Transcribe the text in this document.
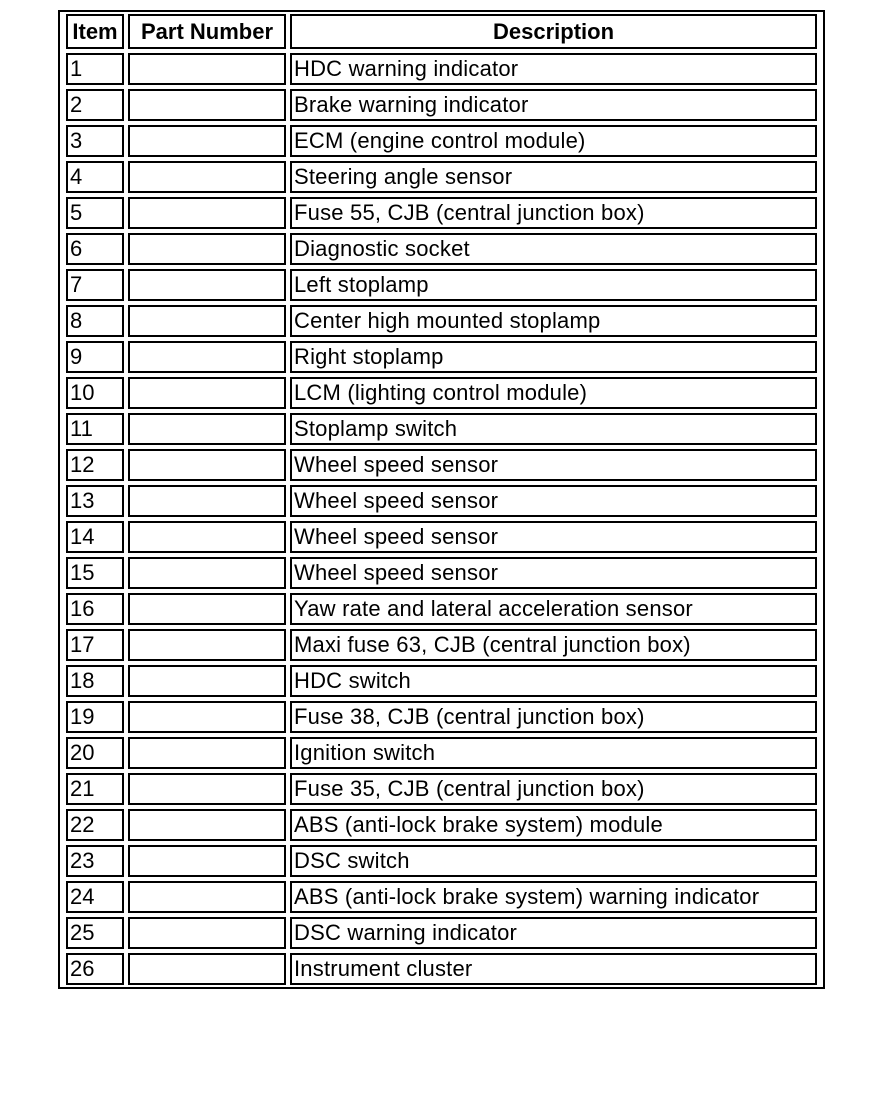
Item	Part Number	Description
1		HDC warning indicator
2		Brake warning indicator
3		ECM (engine control module)
4		Steering angle sensor
5		Fuse 55, CJB (central junction box)
6		Diagnostic socket
7		Left stoplamp
8		Center high mounted stoplamp
9		Right stoplamp
10		LCM (lighting control module)
11		Stoplamp switch
12		Wheel speed sensor
13		Wheel speed sensor
14		Wheel speed sensor
15		Wheel speed sensor
16		Yaw rate and lateral acceleration sensor
17		Maxi fuse 63, CJB (central junction box)
18		HDC switch
19		Fuse 38, CJB (central junction box)
20		Ignition switch
21		Fuse 35, CJB (central junction box)
22		ABS (anti-lock brake system) module
23		DSC switch
24		ABS (anti-lock brake system) warning indicator
25		DSC warning indicator
26		Instrument cluster
